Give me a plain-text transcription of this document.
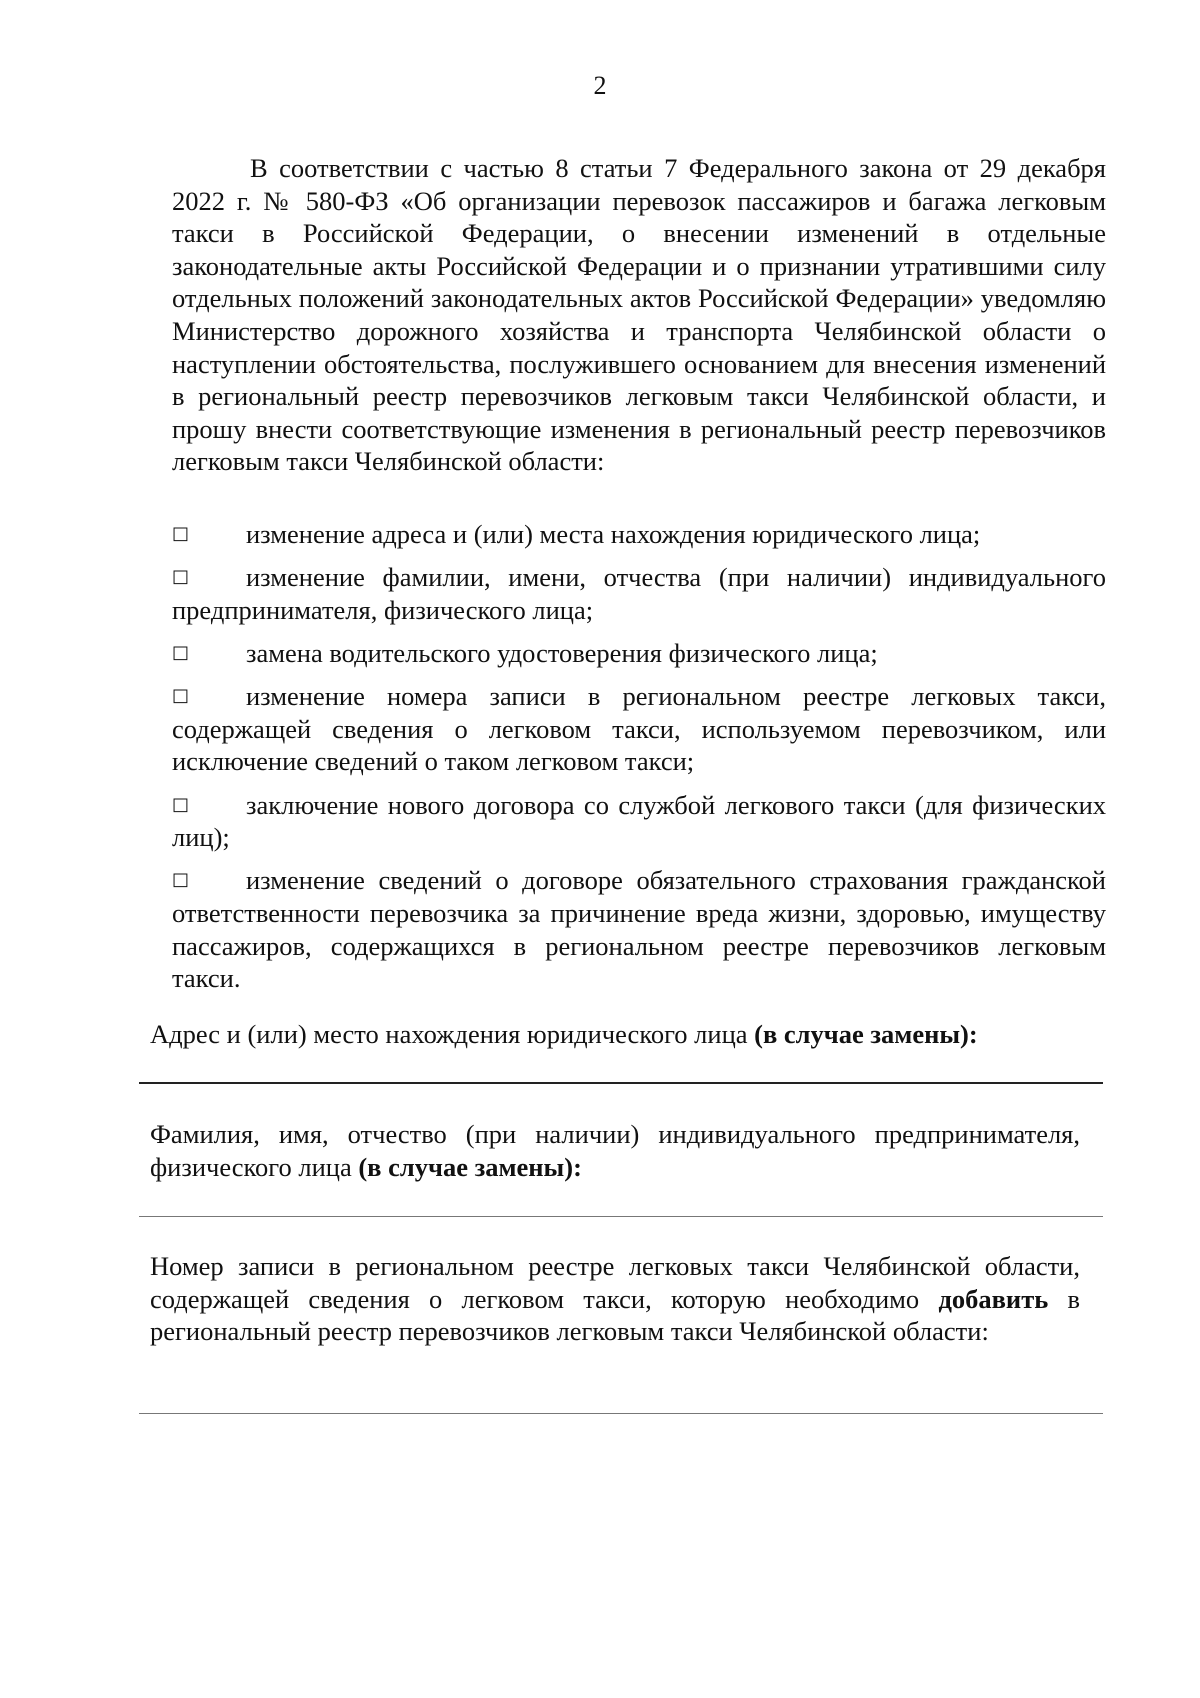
2

В соответствии с частью 8 статьи 7 Федерального закона от 29 декабря 2022 г. № 580-ФЗ «Об организации перевозок пассажиров и багажа легковым такси в Российской Федерации, о внесении изменений в отдельные законодательные акты Российской Федерации и о признании утратившими силу отдельных положений законодательных актов Российской Федерации» уведомляю Министерство дорожного хозяйства и транспорта Челябинской области о наступлении обстоятельства, послужившего основанием для внесения изменений в региональный реестр перевозчиков легковым такси Челябинской области, и прошу внести соответствующие изменения в региональный реестр перевозчиков легковым такси Челябинской области:

□ изменение адреса и (или) места нахождения юридического лица;
□ изменение фамилии, имени, отчества (при наличии) индивидуального предпринимателя, физического лица;
□ замена водительского удостоверения физического лица;
□ изменение номера записи в региональном реестре легковых такси, содержащей сведения о легковом такси, используемом перевозчиком, или исключение сведений о таком легковом такси;
□ заключение нового договора со службой легкового такси (для физических лиц);
□ изменение сведений о договоре обязательного страхования гражданской ответственности перевозчика за причинение вреда жизни, здоровью, имуществу пассажиров, содержащихся в региональном реестре перевозчиков легковым такси.

Адрес и (или) место нахождения юридического лица (в случае замены):

Фамилия, имя, отчество (при наличии) индивидуального предпринимателя, физического лица (в случае замены):

Номер записи в региональном реестре легковых такси Челябинской области, содержащей сведения о легковом такси, которую необходимо добавить в региональный реестр перевозчиков легковым такси Челябинской области:
